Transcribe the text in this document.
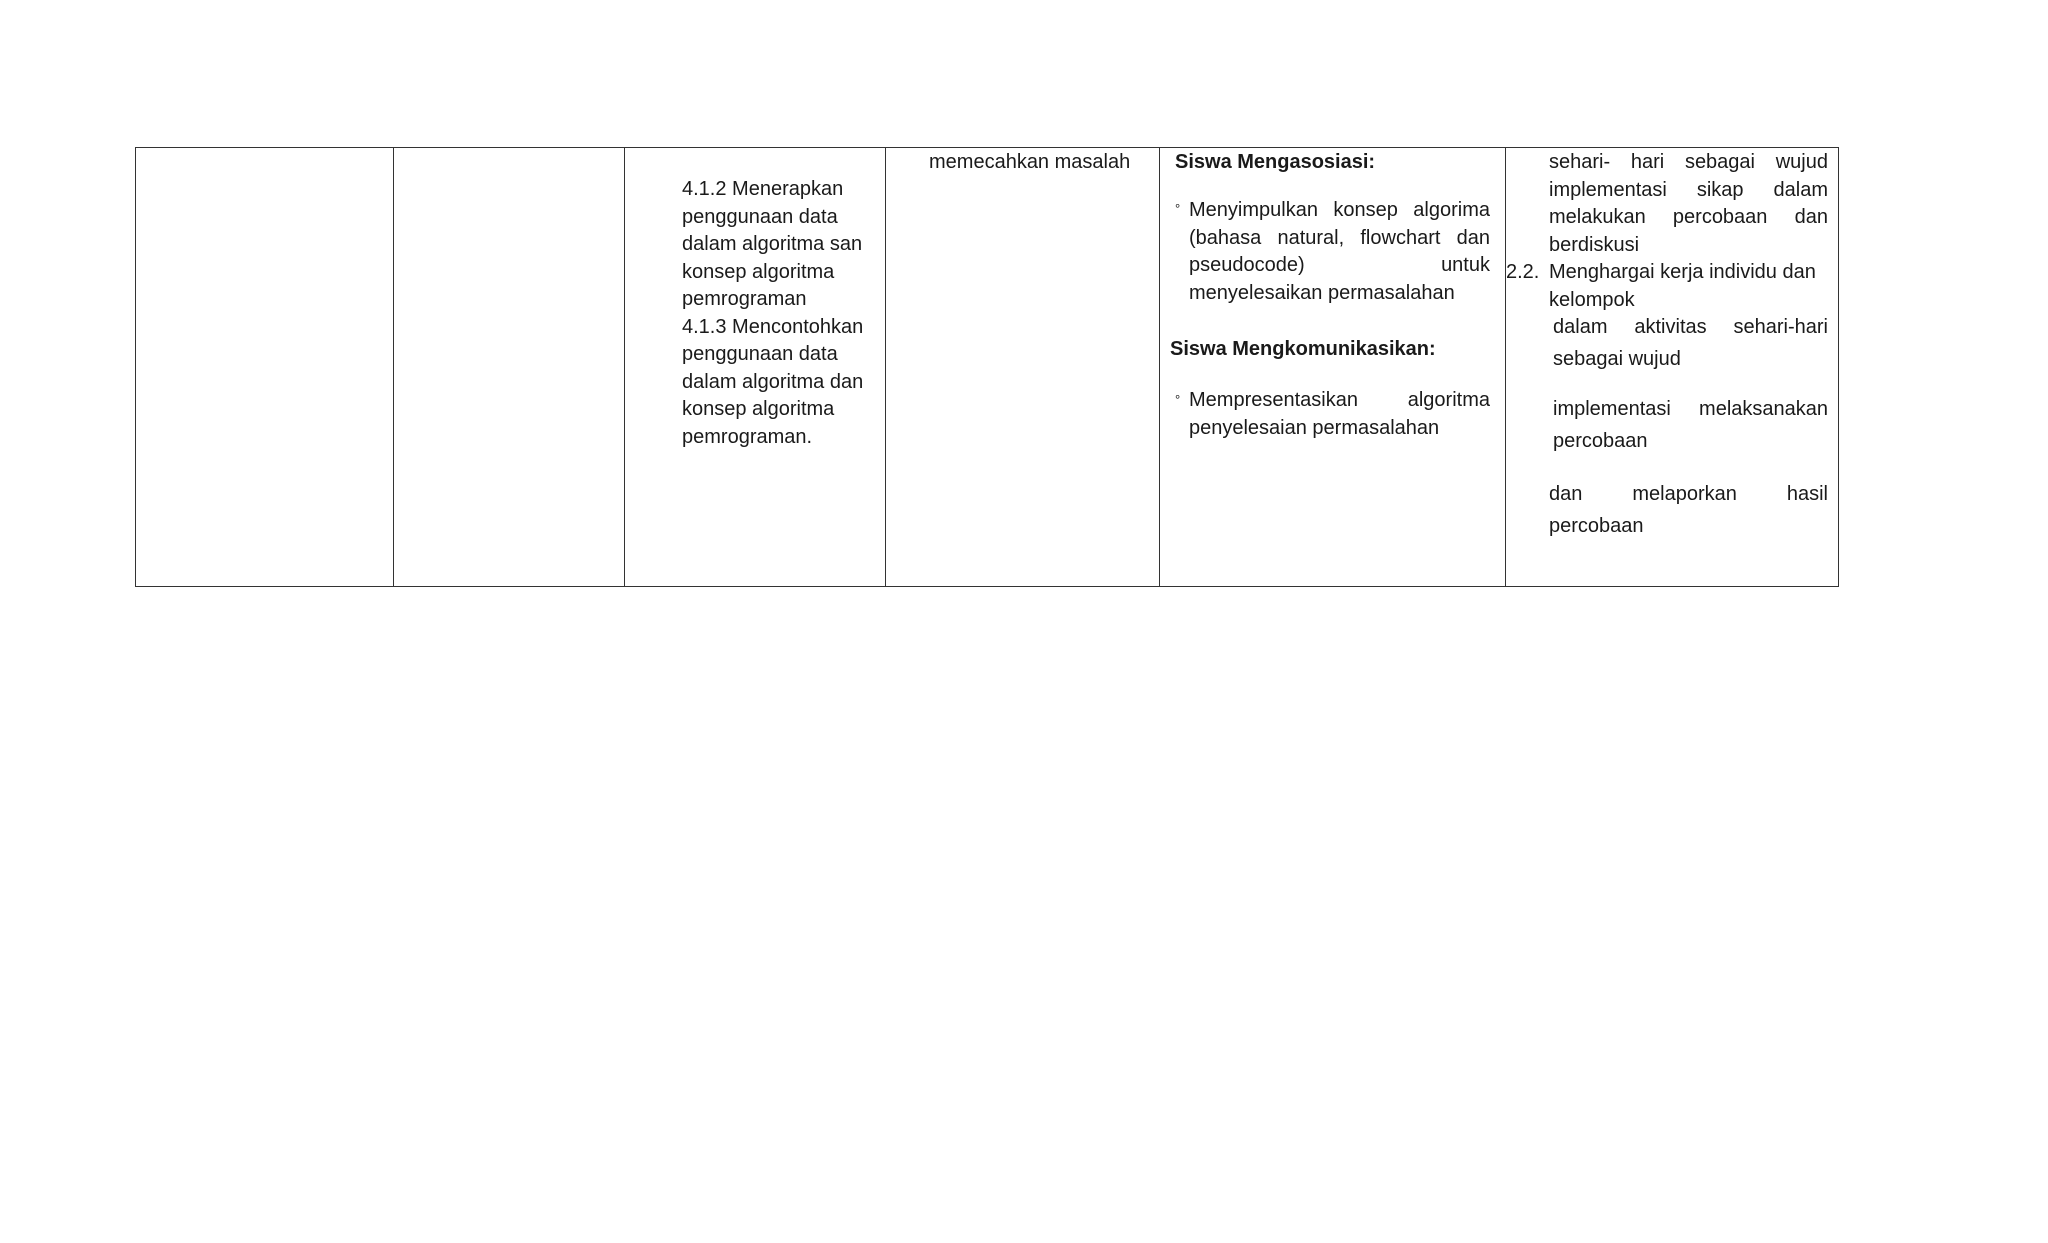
4.1.2 Menerapkan
penggunaan data
dalam algoritma san
konsep algoritma
pemrograman
4.1.3 Mencontohkan
penggunaan data
dalam algoritma dan
konsep algoritma
pemrograman.
memecahkan masalah Siswa Mengasosiasi:
° Menyimpulkan konsep algorima
(bahasa natural, flowchart dan
pseudocode)	untuk
menyelesaikan permasalahan
Siswa Mengkomunikasikan:
° Mempresentasikan algoritma
penyelesaian permasalahan
sehari- hari sebagai wujud
implementasi sikap dalam
melakukan percobaan dan
berdiskusi
2.2. Menghargai kerja individu dan
kelompok
dalam aktivitas sehari-hari
sebagai wujud
implementasi melaksanakan
percobaan
dan melaporkan hasil
percobaan
